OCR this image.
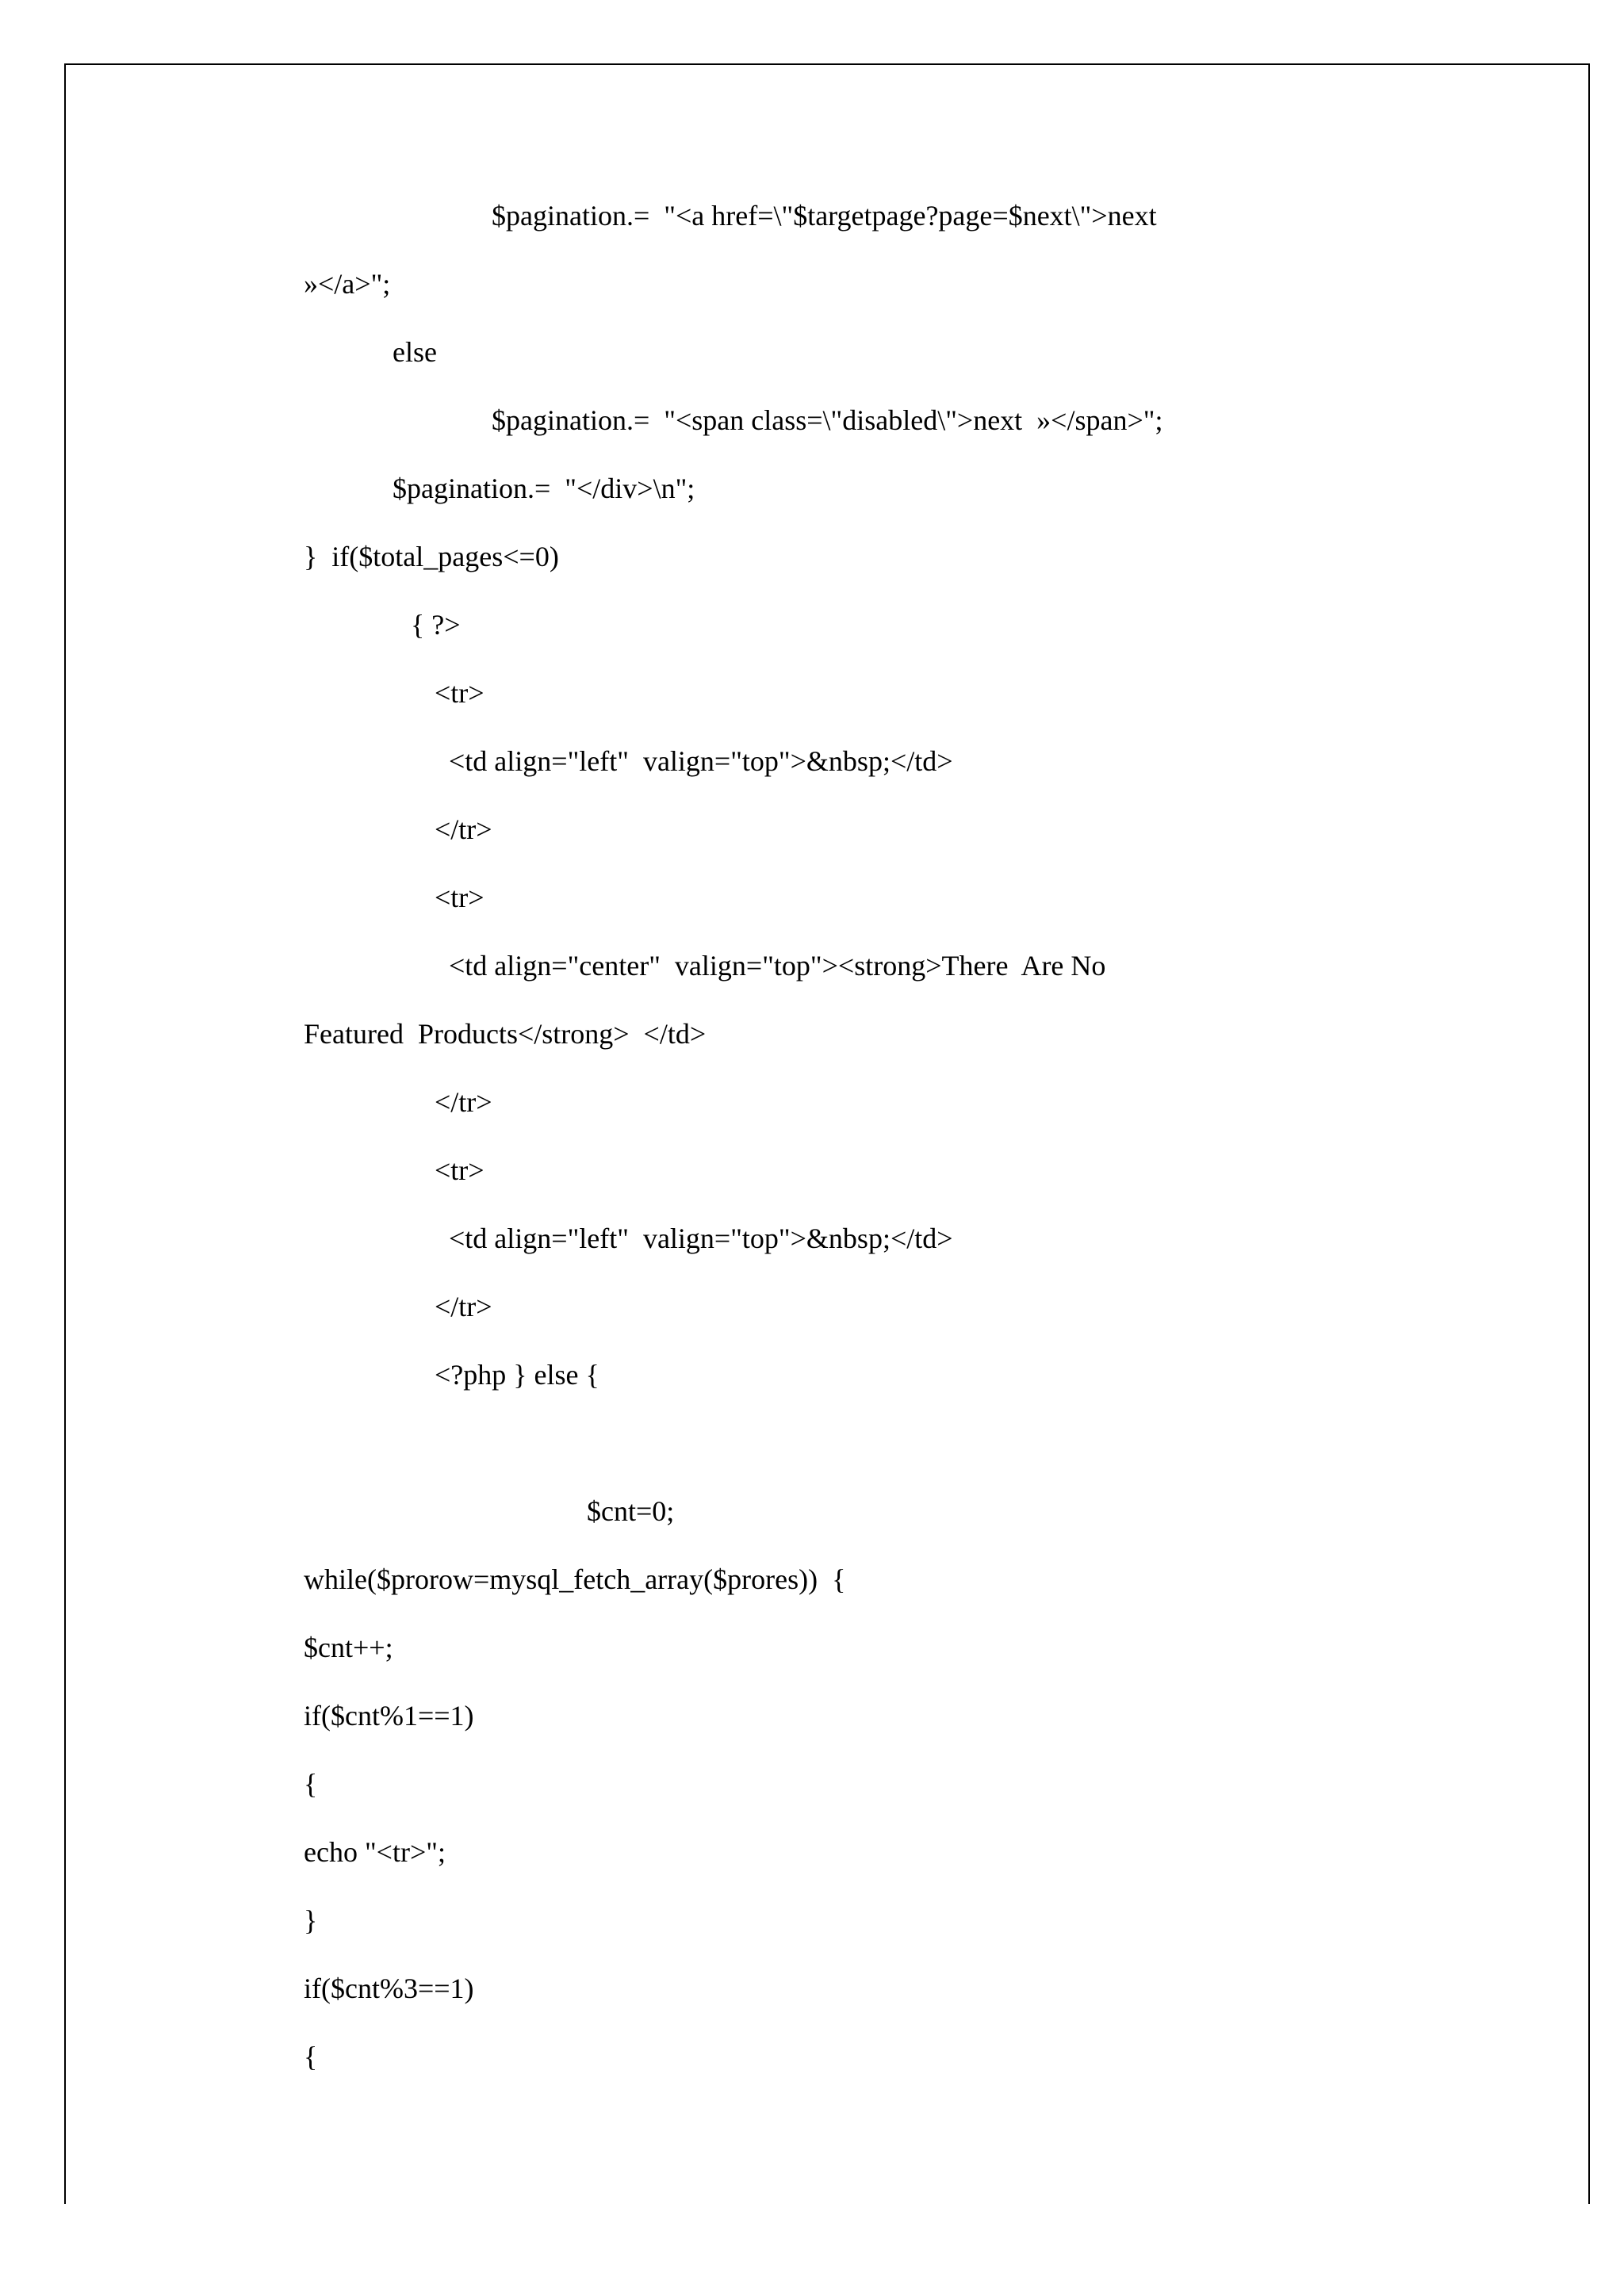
$pagination.=  "<a href=\"$targetpage?page=$next\">next
»</a>";
else
$pagination.=  "<span class=\"disabled\">next  »</span>";
$pagination.=  "</div>\n";
}  if($total_pages<=0)
{ ?>
<tr>
<td align="left"  valign="top">&nbsp;</td>
</tr>
<tr>
<td align="center"  valign="top"><strong>There  Are No
Featured  Products</strong>  </td>
</tr>
<tr>
<td align="left"  valign="top">&nbsp;</td>
</tr>
<?php } else {
$cnt=0;
while($prorow=mysql_fetch_array($prores))  {
$cnt++;
if($cnt%1==1)
{
echo "<tr>";
}
if($cnt%3==1)
{
